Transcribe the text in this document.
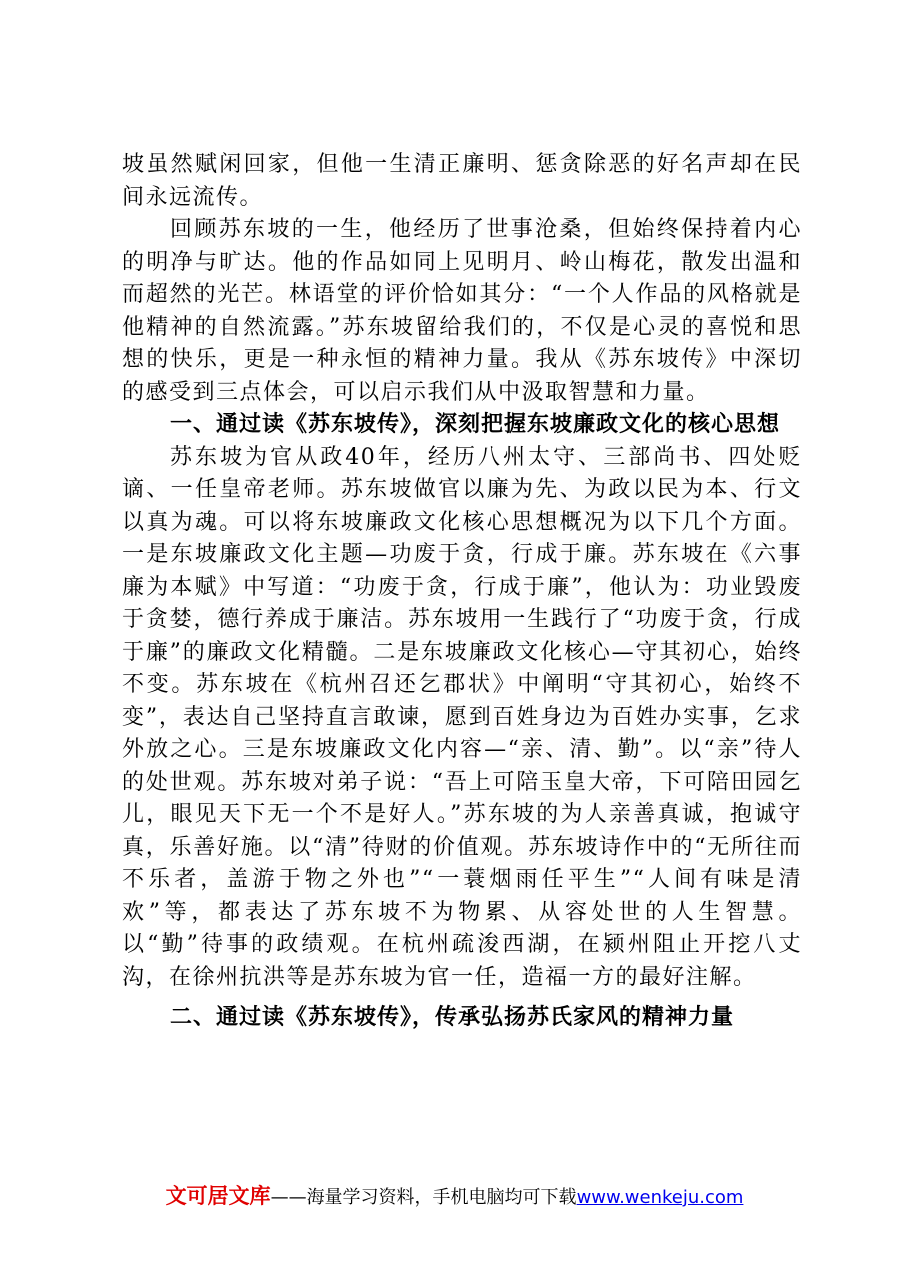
坡虽然赋闲回家，但他一生清正廉明、惩贪除恶的好名声却在民间永远流传。

回顾苏东坡的一生，他经历了世事沧桑，但始终保持着内心的明净与旷达。他的作品如同上见明月、岭山梅花，散发出温和而超然的光芒。林语堂的评价恰如其分：“一个人作品的风格就是他精神的自然流露。”苏东坡留给我们的，不仅是心灵的喜悦和思想的快乐，更是一种永恒的精神力量。我从《苏东坡传》中深切的感受到三点体会，可以启示我们从中汲取智慧和力量。

一、通过读《苏东坡传》，深刻把握东坡廉政文化的核心思想

苏东坡为官从政40年，经历八州太守、三部尚书、四处贬谪、一任皇帝老师。苏东坡做官以廉为先、为政以民为本、行文以真为魂。可以将东坡廉政文化核心思想概况为以下几个方面。一是东坡廉政文化主题—功废于贪，行成于廉。苏东坡在《六事廉为本赋》中写道：“功废于贪，行成于廉”，他认为：功业毁废于贪婪，德行养成于廉洁。苏东坡用一生践行了“功废于贪，行成于廉”的廉政文化精髓。二是东坡廉政文化核心—守其初心，始终不变。苏东坡在《杭州召还乞郡状》中阐明“守其初心，始终不变”，表达自己坚持直言敢谏，愿到百姓身边为百姓办实事，乞求外放之心。三是东坡廉政文化内容—“亲、清、勤”。以“亲”待人的处世观。苏东坡对弟子说：“吾上可陪玉皇大帝，下可陪田园乞儿，眼见天下无一个不是好人。”苏东坡的为人亲善真诚，抱诚守真，乐善好施。以“清”待财的价值观。苏东坡诗作中的“无所往而不乐者，盖游于物之外也”“一蓑烟雨任平生”“人间有味是清欢”等，都表达了苏东坡不为物累、从容处世的人生智慧。以“勤”待事的政绩观。在杭州疏浚西湖，在颍州阻止开挖八丈沟，在徐州抗洪等是苏东坡为官一任，造福一方的最好注解。

二、通过读《苏东坡传》，传承弘扬苏氏家风的精神力量
文可居文库——海量学习资料，手机电脑均可下载www.wenkeju.com
